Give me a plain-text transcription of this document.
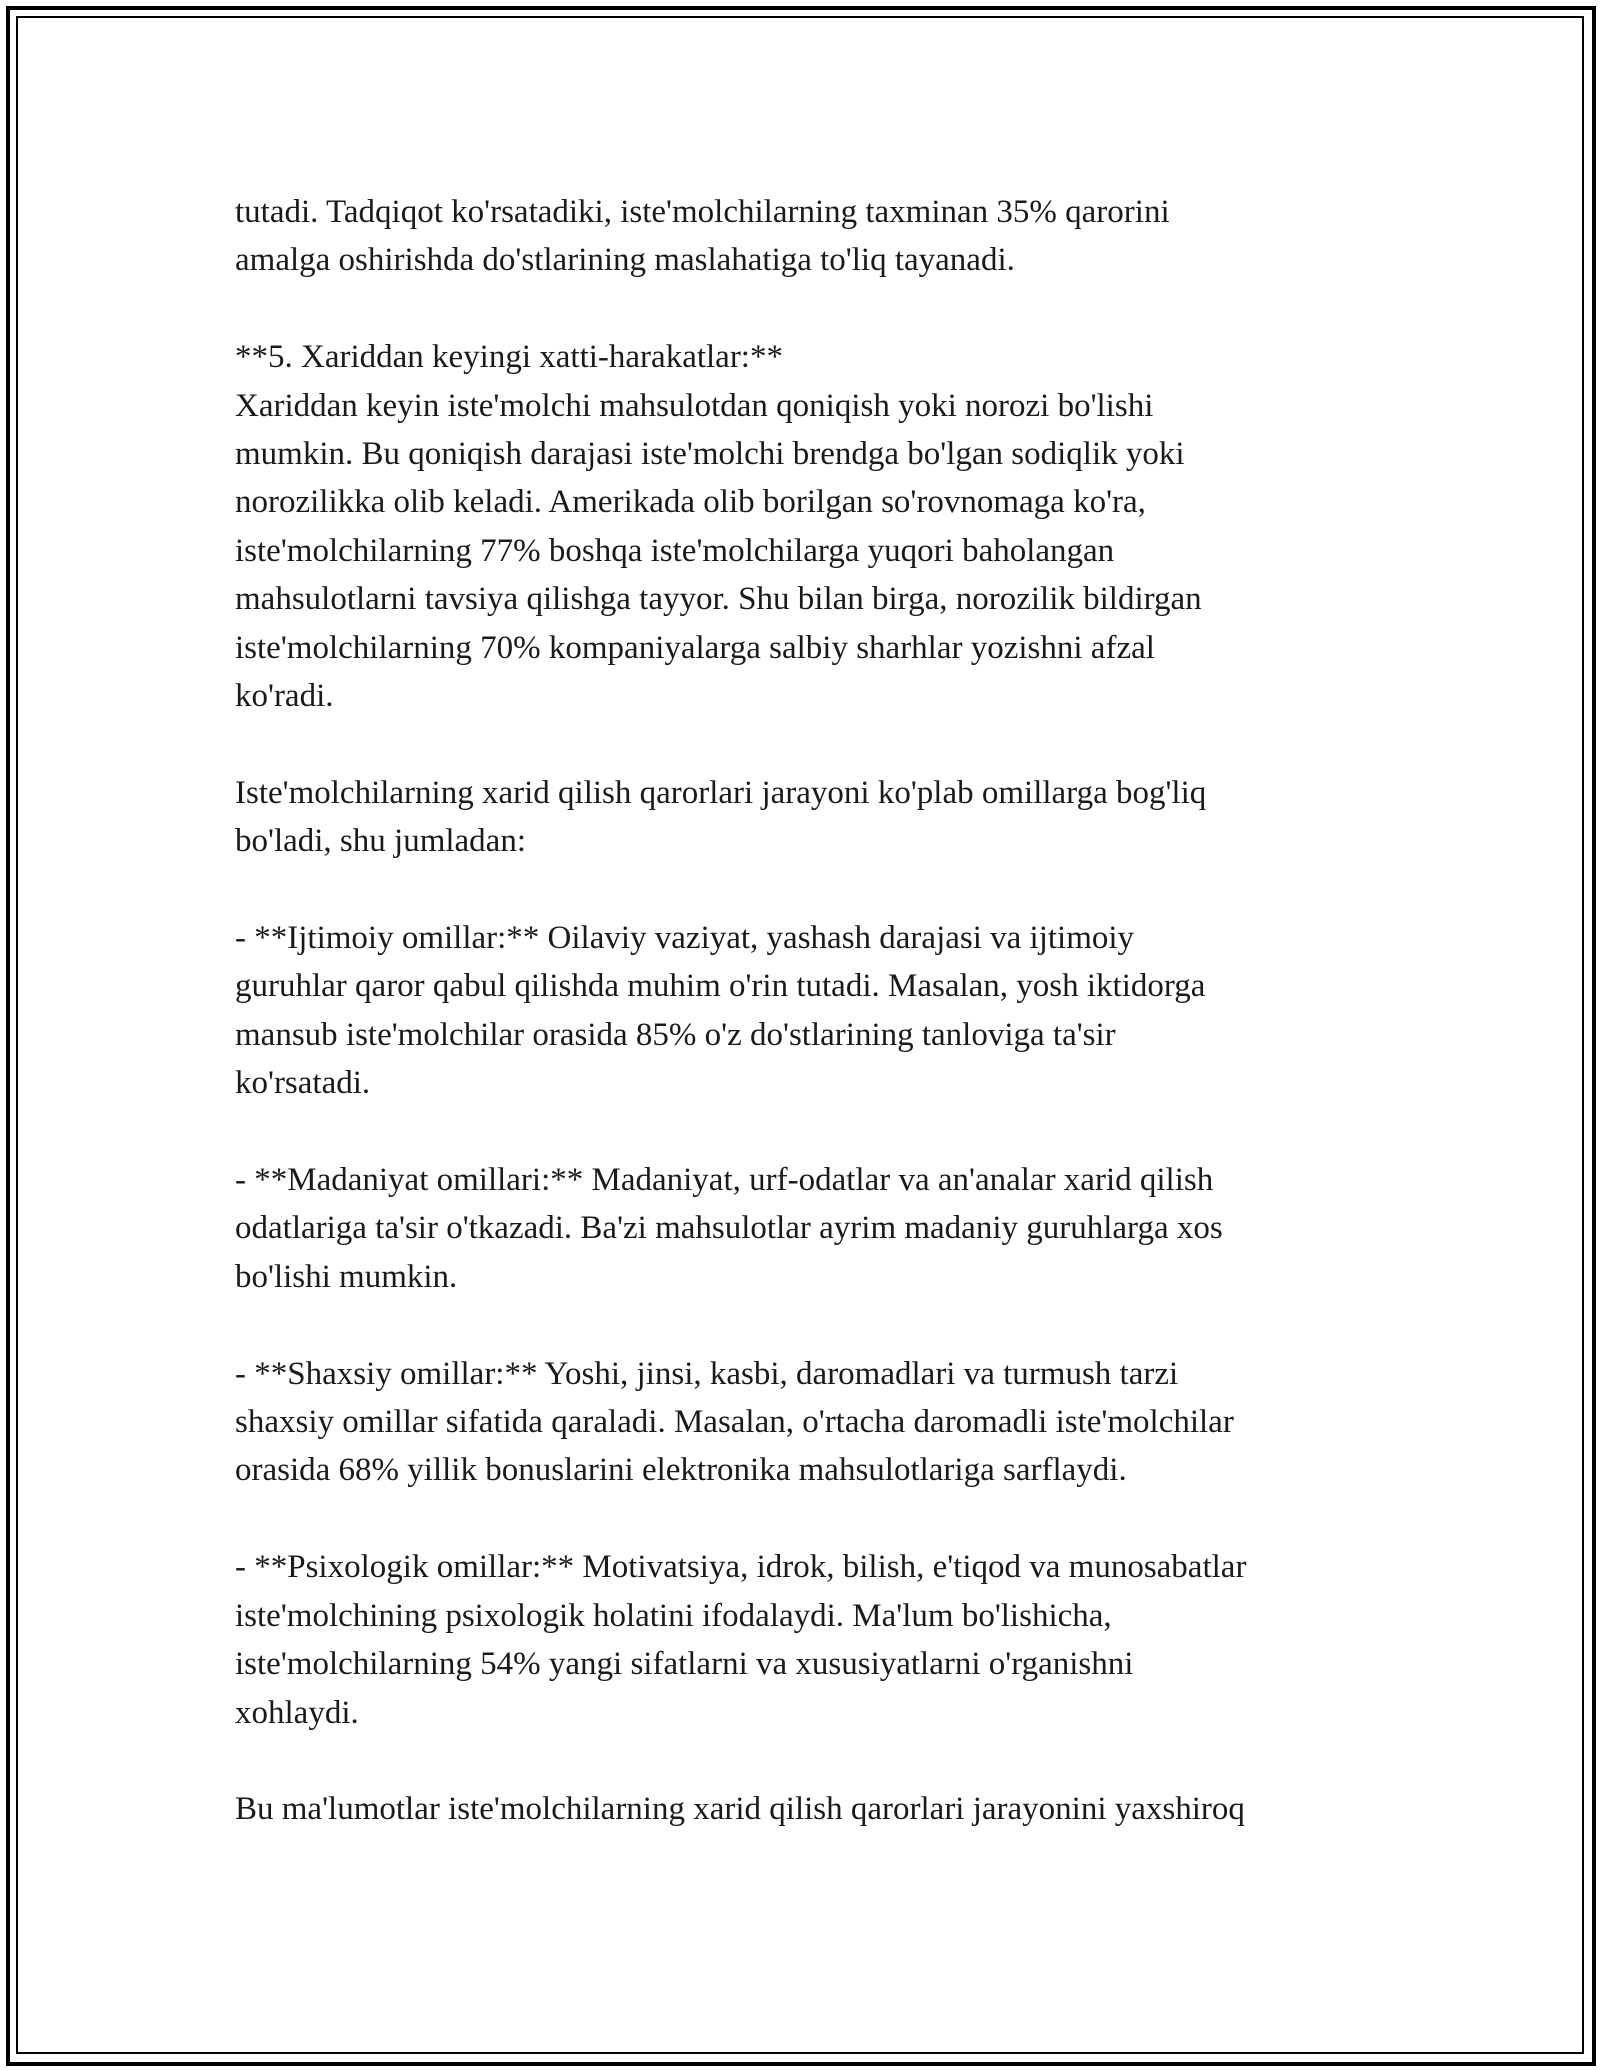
tutadi. Tadqiqot ko'rsatadiki, iste'molchilarning taxminan 35% qarorini
amalga oshirishda do'stlarining maslahatiga to'liq tayanadi.
**5. Xariddan keyingi xatti-harakatlar:**
Xariddan keyin iste'molchi mahsulotdan qoniqish yoki norozi bo'lishi
mumkin. Bu qoniqish darajasi iste'molchi brendga bo'lgan sodiqlik yoki
norozilikka olib keladi. Amerikada olib borilgan so'rovnomaga ko'ra,
iste'molchilarning 77% boshqa iste'molchilarga yuqori baholangan
mahsulotlarni tavsiya qilishga tayyor. Shu bilan birga, norozilik bildirgan
iste'molchilarning 70% kompaniyalarga salbiy sharhlar yozishni afzal
ko'radi.
Iste'molchilarning xarid qilish qarorlari jarayoni ko'plab omillarga bog'liq
bo'ladi, shu jumladan:
- **Ijtimoiy omillar:** Oilaviy vaziyat, yashash darajasi va ijtimoiy
guruhlar qaror qabul qilishda muhim o'rin tutadi. Masalan, yosh iktidorga
mansub iste'molchilar orasida 85% o'z do'stlarining tanloviga ta'sir
ko'rsatadi.
- **Madaniyat omillari:** Madaniyat, urf-odatlar va an'analar xarid qilish
odatlariga ta'sir o'tkazadi. Ba'zi mahsulotlar ayrim madaniy guruhlarga xos
bo'lishi mumkin.
- **Shaxsiy omillar:** Yoshi, jinsi, kasbi, daromadlari va turmush tarzi
shaxsiy omillar sifatida qaraladi. Masalan, o'rtacha daromadli iste'molchilar
orasida 68% yillik bonuslarini elektronika mahsulotlariga sarflaydi.
- **Psixologik omillar:** Motivatsiya, idrok, bilish, e'tiqod va munosabatlar
iste'molchining psixologik holatini ifodalaydi. Ma'lum bo'lishicha,
iste'molchilarning 54% yangi sifatlarni va xususiyatlarni o'rganishni
xohlaydi.
Bu ma'lumotlar iste'molchilarning xarid qilish qarorlari jarayonini yaxshiroq
